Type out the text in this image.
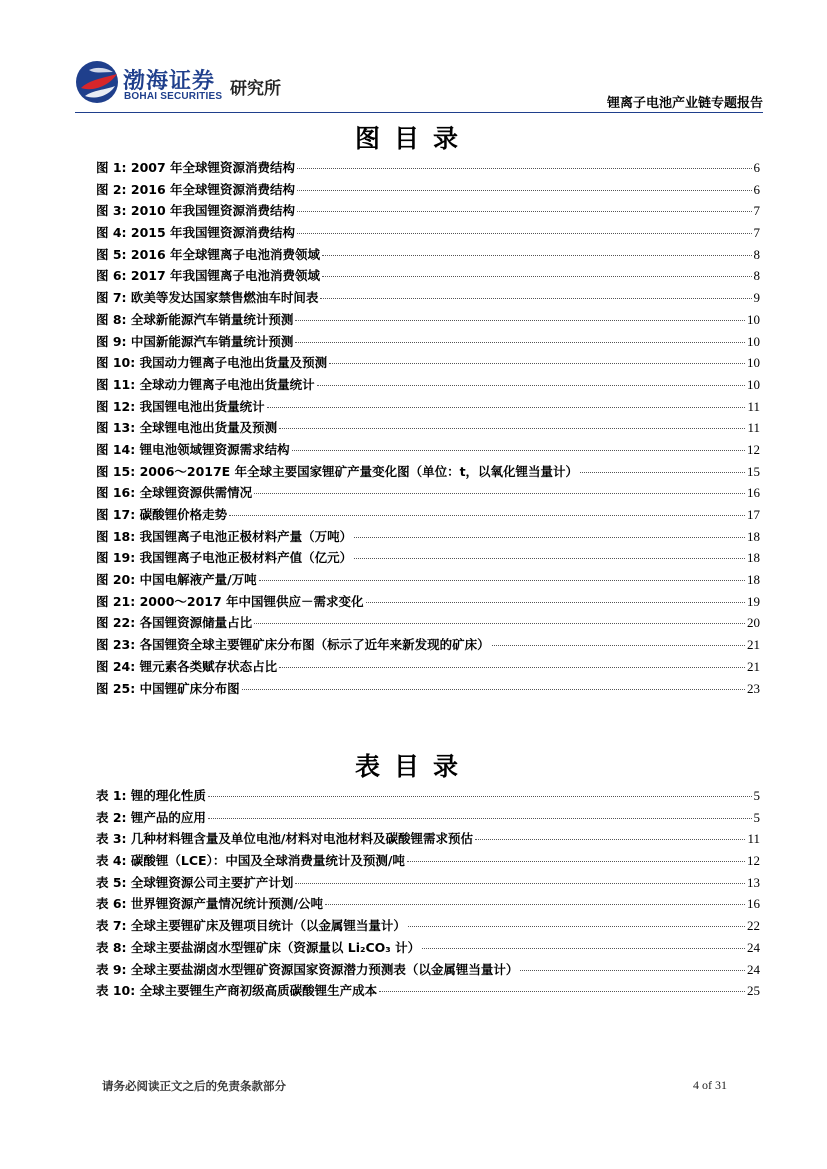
渤海证券
BOHAI SECURITIES 研究所
锂离子电池产业链专题报告
图目录
图 1: 2007 年全球锂资源消费结构	6
图 2: 2016 年全球锂资源消费结构	6
图 3: 2010 年我国锂资源消费结构	7
图 4: 2015 年我国锂资源消费结构	7
图 5: 2016 年全球锂离子电池消费领域	8
图 6: 2017 年我国锂离子电池消费领域	8
图 7: 欧美等发达国家禁售燃油车时间表	9
图 8: 全球新能源汽车销量统计预测	10
图 9: 中国新能源汽车销量统计预测	10
图 10: 我国动力锂离子电池出货量及预测	10
图 11: 全球动力锂离子电池出货量统计	10
图 12: 我国锂电池出货量统计	11
图 13: 全球锂电池出货量及预测	11
图 14: 锂电池领域锂资源需求结构	12
图 15: 2006～2017E 年全球主要国家锂矿产量变化图（单位：t，以氧化锂当量计）	15
图 16: 全球锂资源供需情况	16
图 17: 碳酸锂价格走势	17
图 18: 我国锂离子电池正极材料产量（万吨）	18
图 19: 我国锂离子电池正极材料产值（亿元）	18
图 20: 中国电解液产量/万吨	18
图 21: 2000～2017 年中国锂供应－需求变化	19
图 22: 各国锂资源储量占比	20
图 23: 各国锂资全球主要锂矿床分布图（标示了近年来新发现的矿床）	21
图 24: 锂元素各类赋存状态占比	21
图 25: 中国锂矿床分布图	23
表目录
表 1: 锂的理化性质	5
表 2: 锂产品的应用	5
表 3: 几种材料锂含量及单位电池/材料对电池材料及碳酸锂需求预估	11
表 4: 碳酸锂（LCE）：中国及全球消费量统计及预测/吨	12
表 5: 全球锂资源公司主要扩产计划	13
表 6: 世界锂资源产量情况统计预测/公吨	16
表 7: 全球主要锂矿床及锂项目统计（以金属锂当量计）	22
表 8: 全球主要盐湖卤水型锂矿床（资源量以 Li₂CO₃ 计）	24
表 9: 全球主要盐湖卤水型锂矿资源国家资源潜力预测表（以金属锂当量计）	24
表 10: 全球主要锂生产商初级高质碳酸锂生产成本	25
请务必阅读正文之后的免责条款部分	4 of 31
